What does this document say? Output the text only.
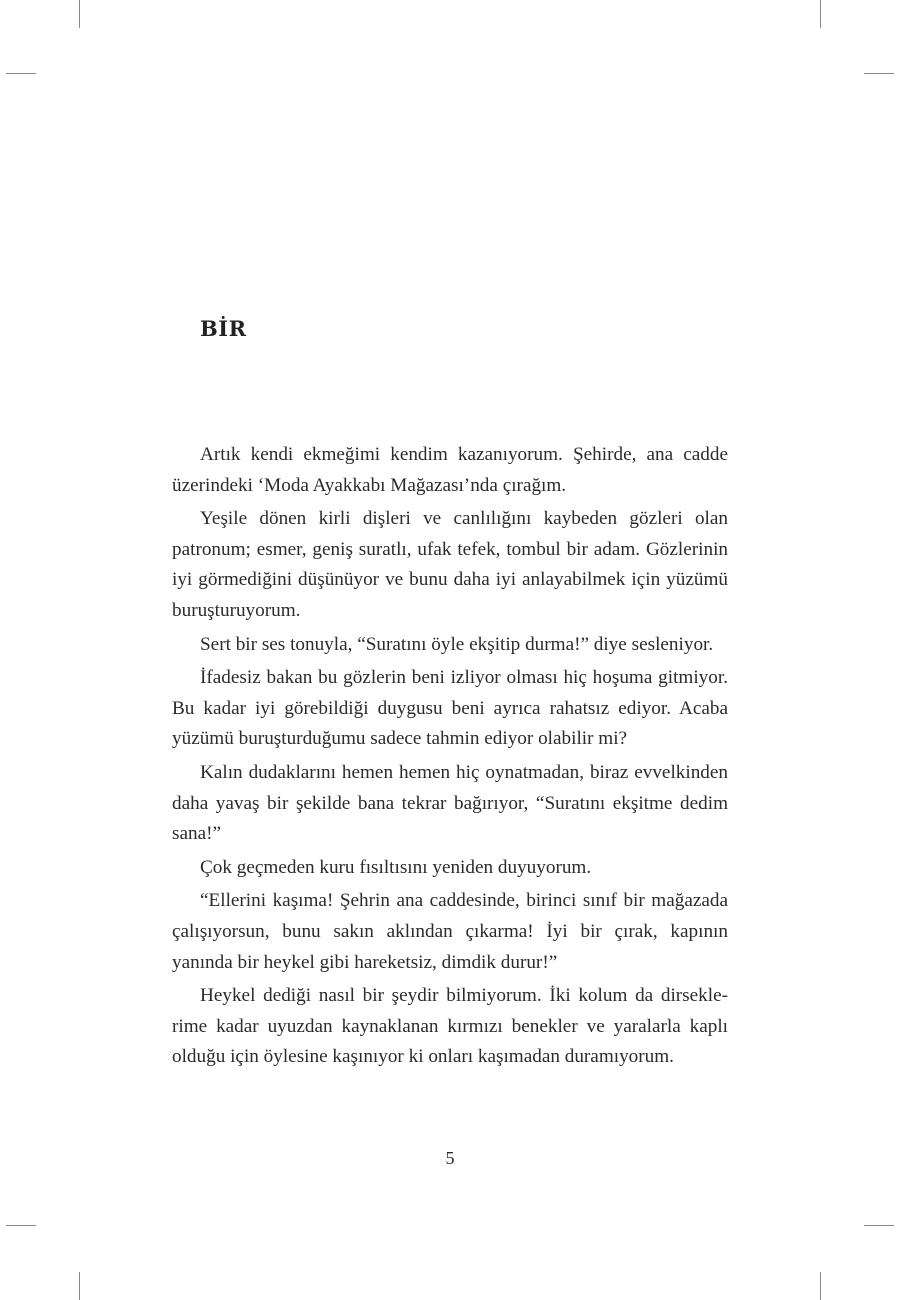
BİR

Artık kendi ekmeğimi kendim kazanıyorum. Şehirde, ana cadde üzerindeki ‘Moda Ayakkabı Mağazası’nda çırağım.

Yeşile dönen kirli dişleri ve canlılığını kaybeden gözleri olan patronum; esmer, geniş suratlı, ufak tefek, tombul bir adam. Gözlerinin iyi görmediğini düşünüyor ve bunu daha iyi anlayabilmek için yüzümü buruşturuyorum.

Sert bir ses tonuyla, “Suratını öyle ekşitip durma!” diye sesleniyor.

İfadesiz bakan bu gözlerin beni izliyor olması hiç hoşuma gitmiyor. Bu kadar iyi görebildiği duygusu beni ayrıca rahatsız ediyor. Acaba yüzümü buruşturduğumu sadece tahmin ediyor olabilir mi?

Kalın dudaklarını hemen hemen hiç oynatmadan, biraz evvelkinden daha yavaş bir şekilde bana tekrar bağırıyor, “Suratını ekşitme dedim sana!”

Çok geçmeden kuru fısıltısını yeniden duyuyorum.

“Ellerini kaşıma! Şehrin ana caddesinde, birinci sınıf bir mağazada çalışıyorsun, bunu sakın aklından çıkarma! İyi bir çırak, kapının yanında bir heykel gibi hareketsiz, dimdik durur!”

Heykel dediği nasıl bir şeydir bilmiyorum. İki kolum da dirseklerime kadar uyuzdan kaynaklanan kırmızı benekler ve yaralarla kaplı olduğu için öylesine kaşınıyor ki onları kaşımadan duramıyorum.

5
